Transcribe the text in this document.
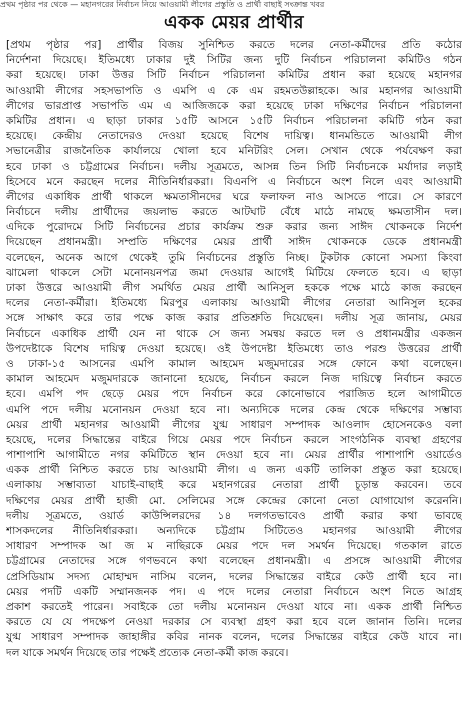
প্রথম পৃষ্ঠার পর থেকে — মহানগরের নির্বাচন নিয়ে আওয়ামী লীগের প্রস্তুতি ও প্রার্থী বাছাই সংক্রান্ত খবর
একক মেয়র প্রার্থীর
[প্রথম পৃষ্ঠার পর] প্রার্থীর বিজয় সুনিশ্চিত করতে দলের নেতা-কর্মীদের প্রতি কঠোর
নির্দেশনা দিয়েছে। ইতিমধ্যে ঢাকার দুই সিটির জন্য দুটি নির্বাচন পরিচালনা কমিটিও গঠন
করা হয়েছে। ঢাকা উত্তর সিটি নির্বাচন পরিচালনা কমিটির প্রধান করা হয়েছে মহানগর
আওয়ামী লীগের সহসভাপতি ও এমপি এ কে এম রহমতউল্লাহকে। আর মহানগর আওয়ামী
লীগের ভারপ্রাপ্ত সভাপতি এম এ আজিজকে করা হয়েছে ঢাকা দক্ষিণের নির্বাচন পরিচালনা
কমিটির প্রধান। এ ছাড়া ঢাকার ১৫টি আসনে ১৫টি নির্বাচন পরিচালনা কমিটি গঠন করা
হয়েছে। কেন্দ্রীয় নেতাদেরও দেওয়া হয়েছে বিশেষ দায়িত্ব। ধানমন্ডিতে আওয়ামী লীগ
সভানেত্রীর রাজনৈতিক কার্যালয়ে খোলা হবে মনিটরিং সেল। সেখান থেকে পর্যবেক্ষণ করা
হবে ঢাকা ও চট্টগ্রামের নির্বাচন। দলীয় সূত্রমতে, আসন্ন তিন সিটি নির্বাচনকে মর্যাদার লড়াই
হিসেবে মনে করছেন দলের নীতিনির্ধারকরা। বিএনপি এ নির্বাচনে অংশ নিলে এবং আওয়ামী
লীগের একাধিক প্রার্থী থাকলে ক্ষমতাসীনদের ঘরে ফলাফল নাও আসতে পারে। সে কারণে
নির্বাচনে দলীয় প্রার্থীদের জয়লাভ করতে আটঘাট বেঁধে মাঠে নামছে ক্ষমতাসীন দল।
এদিকে পুরোদমে সিটি নির্বাচনের প্রচার কার্যক্রম শুরু করার জন্য সাঈদ খোকনকে নির্দেশ
দিয়েছেন প্রধানমন্ত্রী। সম্প্রতি দক্ষিণের মেয়র প্রার্থী সাঈদ খোকনকে ডেকে প্রধানমন্ত্রী
বলেছেন, অনেক আগে থেকেই তুমি নির্বাচনের প্রস্তুতি নিচ্ছ। টুকটাক কোনো সমস্যা কিংবা
ঝামেলা থাকলে সেটা মনোনয়নপত্র জমা দেওয়ার আগেই মিটিয়ে ফেলতে হবে। এ ছাড়া
ঢাকা উত্তরে আওয়ামী লীগ সমর্থিত মেয়র প্রার্থী আনিসুল হককে পক্ষে মাঠে কাজ করছেন
দলের নেতা-কর্মীরা। ইতিমধ্যে মিরপুর এলাকায় আওয়ামী লীগের নেতারা আনিসুল হকের
সঙ্গে সাক্ষাৎ করে তার পক্ষে কাজ করার প্রতিশ্রুতি দিয়েছেন। দলীয় সূত্র জানায়, মেয়র
নির্বাচনে একাধিক প্রার্থী যেন না থাকে সে জন্য সমন্বয় করতে দল ও প্রধানমন্ত্রীর একজন
উপদেষ্টাকে বিশেষ দায়িত্ব দেওয়া হয়েছে। ওই উপদেষ্টা ইতিমধ্যে তাও পরশু উত্তরের প্রার্থী
ও ঢাকা-১৫ আসনের এমপি কামাল আহমেদ মজুমদারের সঙ্গে ফোনে কথা বলেছেন।
কামাল আহমেদ মজুমদারকে জানানো হয়েছে, নির্বাচন করলে নিজ দায়িত্বে নির্বাচন করতে
হবে। এমপি পদ ছেড়ে মেয়র পদে নির্বাচন করে কোনোভাবে পরাজিত হলে আগামীতে
এমপি পদে দলীয় মনোনয়ন দেওয়া হবে না। অন্যদিকে দলের কেন্দ্র থেকে দক্ষিণের সম্ভাব্য
মেয়র প্রার্থী মহানগর আওয়ামী লীগের যুগ্ম সাধারণ সম্পাদক আওলাদ হোসেনকেও বলা
হয়েছে, দলের সিদ্ধান্তের বাইরে গিয়ে মেয়র পদে নির্বাচন করলে সাংগঠনিক ব্যবস্থা গ্রহণের
পাশাপাশি আগামীতে নগর কমিটিতে স্থান দেওয়া হবে না। মেয়র প্রার্থীর পাশাপাশি ওয়ার্ডেও
একক প্রার্থী নিশ্চিত করতে চায় আওয়ামী লীগ। এ জন্য একটি তালিকা প্রস্তুত করা হয়েছে।
এলাকায় সম্ভাব্যতা যাচাই-বাছাই করে মহানগরের নেতারা প্রার্থী চূড়ান্ত করবেন। তবে
দক্ষিণের মেয়র প্রার্থী হাজী মো. সেলিমের সঙ্গে কেন্দ্রের কোনো নেতা যোগাযোগ করেননি।
দলীয় সূত্রমতে, ওয়ার্ড কাউন্সিলরদের ১৪ দলগতভাবেও প্রার্থী করার কথা ভাবছে
শাসকদলের নীতিনির্ধারকরা। অন্যদিকে চট্টগ্রাম সিটিতেও মহানগর আওয়ামী লীগের
সাধারণ সম্পাদক আ জ ম নাছিরকে মেয়র পদে দল সমর্থন দিয়েছে। গতকাল রাতে
চট্টগ্রামের নেতাদের সঙ্গে গণভবনে কথা বলেছেন প্রধানমন্ত্রী। এ প্রসঙ্গে আওয়ামী লীগের
প্রেসিডিয়াম সদস্য মোহাম্মদ নাসিম বলেন, দলের সিদ্ধান্তের বাইরে কেউ প্রার্থী হবে না।
মেয়র পদটি একটি সম্মানজনক পদ। এ পদে দলের নেতারা নির্বাচনে অংশ নিতে আগ্রহ
প্রকাশ করতেই পারেন। সবাইকে তো দলীয় মনোনয়ন দেওয়া যাবে না। একক প্রার্থী নিশ্চিত
করতে যে যে পদক্ষেপ নেওয়া দরকার সে ব্যবস্থা গ্রহণ করা হবে বলে জানান তিনি। দলের
যুগ্ম সাধারণ সম্পাদক জাহাঙ্গীর কবির নানক বলেন, দলের সিদ্ধান্তের বাইরে কেউ যাবে না।
দল যাকে সমর্থন দিয়েছে তার পক্ষেই প্রত্যেক নেতা-কর্মী কাজ করবে।
